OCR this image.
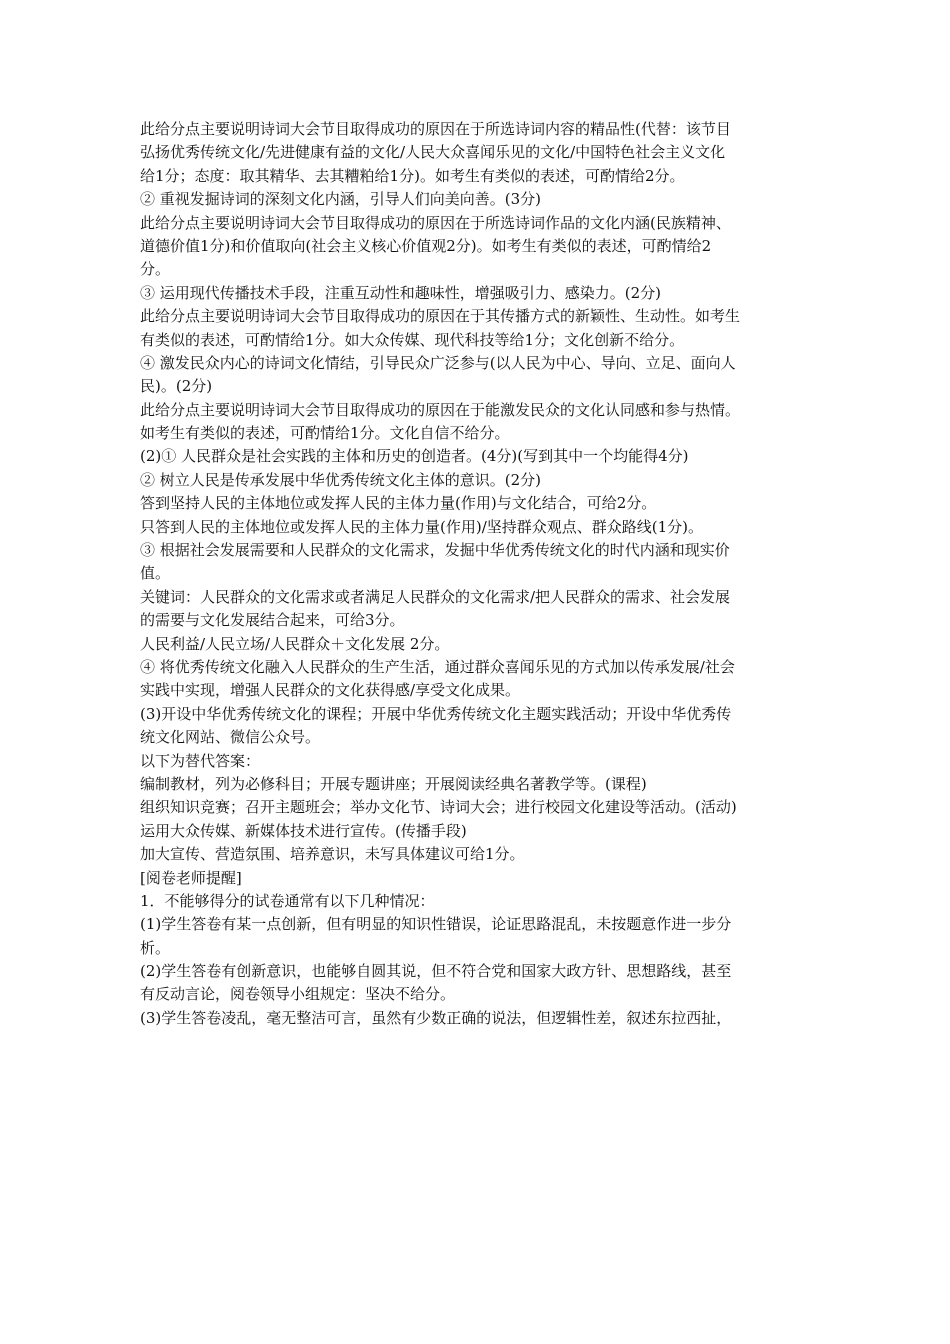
此给分点主要说明诗词大会节目取得成功的原因在于所选诗词内容的精品性(代替：该节目
弘扬优秀传统文化/先进健康有益的文化/人民大众喜闻乐见的文化/中国特色社会主义文化
给1分；态度：取其精华、去其糟粕给1分)。如考生有类似的表述，可酌情给2分。
② 重视发掘诗词的深刻文化内涵，引导人们向美向善。(3分)
此给分点主要说明诗词大会节目取得成功的原因在于所选诗词作品的文化内涵(民族精神、
道德价值1分)和价值取向(社会主义核心价值观2分)。如考生有类似的表述，可酌情给2
分。
③ 运用现代传播技术手段，注重互动性和趣味性，增强吸引力、感染力。(2分)
此给分点主要说明诗词大会节目取得成功的原因在于其传播方式的新颖性、生动性。如考生
有类似的表述，可酌情给1分。如大众传媒、现代科技等给1分；文化创新不给分。
④ 激发民众内心的诗词文化情结，引导民众广泛参与(以人民为中心、导向、立足、面向人
民)。(2分)
此给分点主要说明诗词大会节目取得成功的原因在于能激发民众的文化认同感和参与热情。
如考生有类似的表述，可酌情给1分。文化自信不给分。
(2)① 人民群众是社会实践的主体和历史的创造者。(4分)(写到其中一个均能得4分)
② 树立人民是传承发展中华优秀传统文化主体的意识。(2分)
答到坚持人民的主体地位或发挥人民的主体力量(作用)与文化结合，可给2分。
只答到人民的主体地位或发挥人民的主体力量(作用)/坚持群众观点、群众路线(1分)。
③ 根据社会发展需要和人民群众的文化需求，发掘中华优秀传统文化的时代内涵和现实价
值。
关键词：人民群众的文化需求或者满足人民群众的文化需求/把人民群众的需求、社会发展
的需要与文化发展结合起来，可给3分。
人民利益/人民立场/人民群众＋文化发展 2分。
④ 将优秀传统文化融入人民群众的生产生活，通过群众喜闻乐见的方式加以传承发展/社会
实践中实现，增强人民群众的文化获得感/享受文化成果。
(3)开设中华优秀传统文化的课程；开展中华优秀传统文化主题实践活动；开设中华优秀传
统文化网站、微信公众号。
以下为替代答案：
编制教材，列为必修科目；开展专题讲座；开展阅读经典名著教学等。(课程)
组织知识竞赛；召开主题班会；举办文化节、诗词大会；进行校园文化建设等活动。(活动)
运用大众传媒、新媒体技术进行宣传。(传播手段)
加大宣传、营造氛围、培养意识，未写具体建议可给1分。
[阅卷老师提醒]
1．不能够得分的试卷通常有以下几种情况：
(1)学生答卷有某一点创新，但有明显的知识性错误，论证思路混乱，未按题意作进一步分
析。
(2)学生答卷有创新意识，也能够自圆其说，但不符合党和国家大政方针、思想路线，甚至
有反动言论，阅卷领导小组规定：坚决不给分。
(3)学生答卷凌乱，毫无整洁可言，虽然有少数正确的说法，但逻辑性差，叙述东拉西扯，
